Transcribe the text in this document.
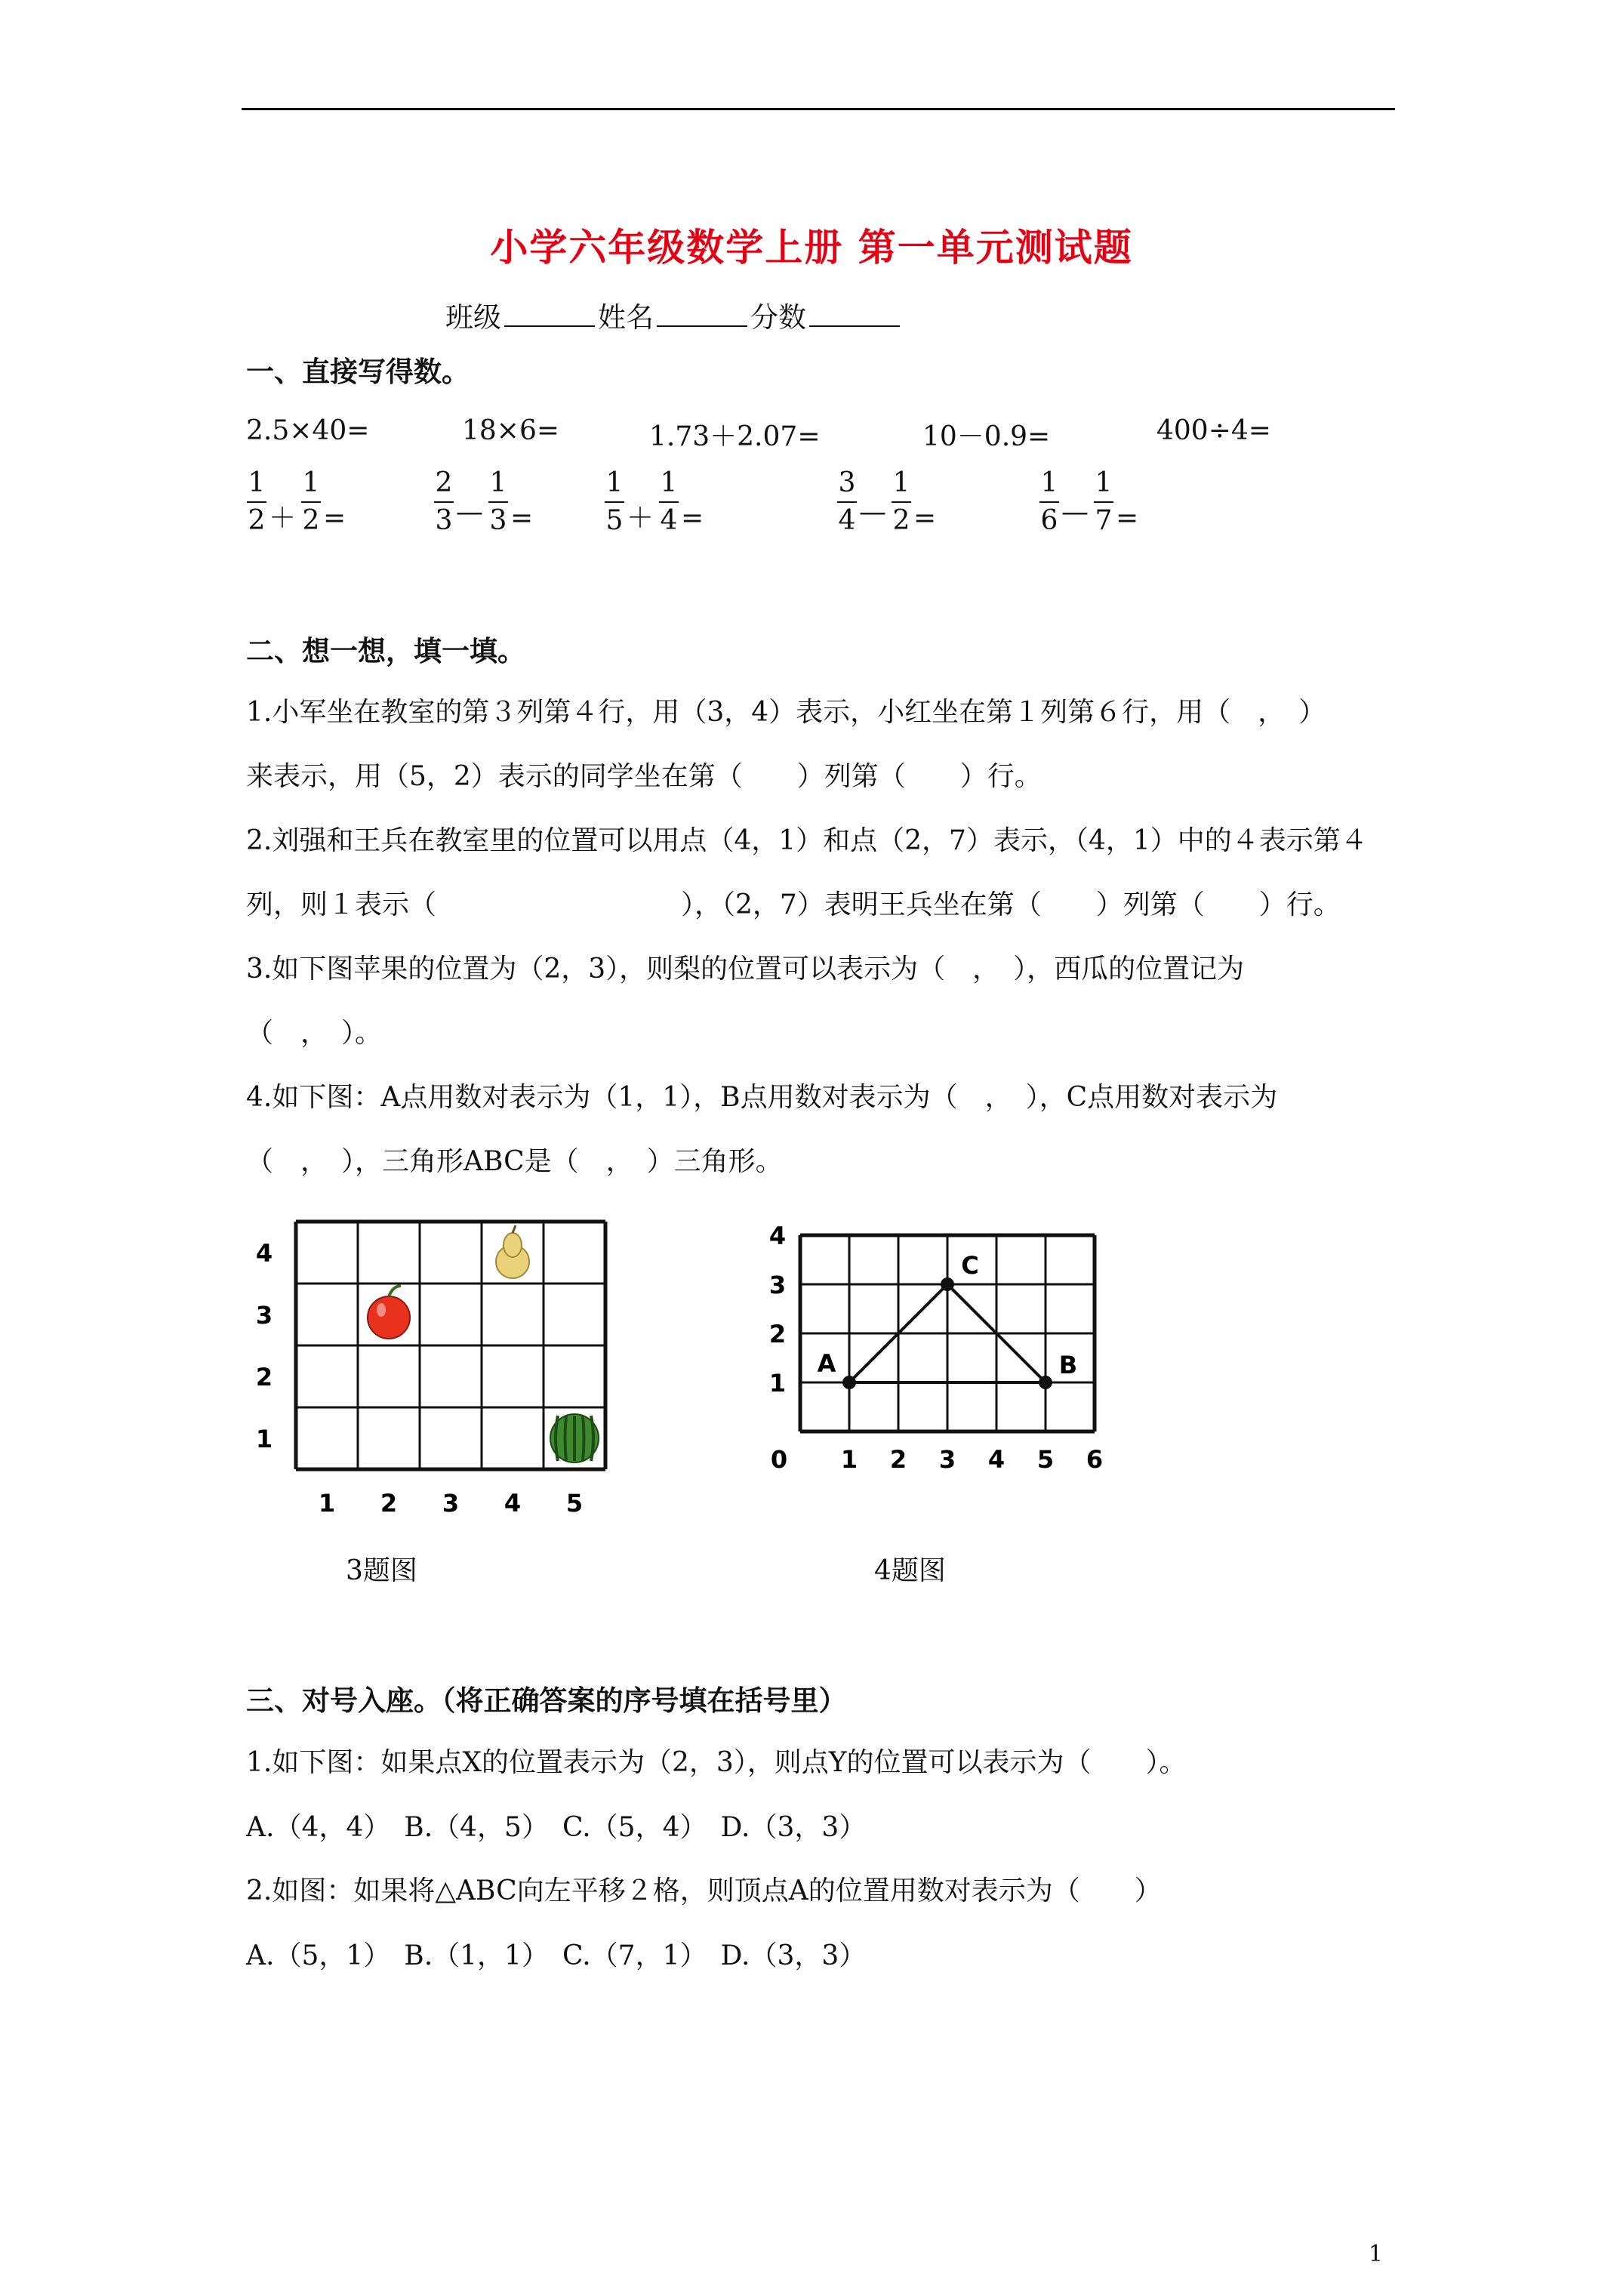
小学六年级数学上册 第一单元测试题
班级	姓名	分数
一、直接写得数。
2.5×40=	18×6=	1.73＋2.07=	10－0.9=	400÷4=
1
2 ＋
1
2 =
2
3 —
1
3 =
1
5 ＋
1
4 =
3
4 —
1
2 =
1
6 —
1
7 =
二、想一想，填一填。
1.小军坐在教室的第３列第４行，用（3，4）表示，小红坐在第１列第６行，用（　，　）
来表示，用（5，2）表示的同学坐在第（　　）列第（　　）行。
2.刘强和王兵在教室里的位置可以用点（4，1）和点（2，7）表示，（4，1）中的４表示第４
列，则１表示（　　　　　　　　　），（2，7）表明王兵坐在第（　　）列第（　　）行。
3.如下图苹果的位置为（2，3），则梨的位置可以表示为（　，　），西瓜的位置记为
（　，　）。
4.如下图：A点用数对表示为（1，1），B点用数对表示为（　，　），C点用数对表示为
（　，　），三角形ABC是（　，　）三角形。
1 2 3 4 5
1
2
3
4
3题图
0 1 2 3 4 5 6
1
2
3
4
A	B
C
4题图
三、对号入座。（将正确答案的序号填在括号里）
1.如下图：如果点X的位置表示为（2，3），则点Y的位置可以表示为（　　）。
A.（4，4）　B.（4，5）　C.（5，4）　D.（3，3）
2.如图：如果将△ABC向左平移２格，则顶点A的位置用数对表示为（　　）
A.（5，1）　B.（1，1）　C.（7，1）　D.（3，3）
1
